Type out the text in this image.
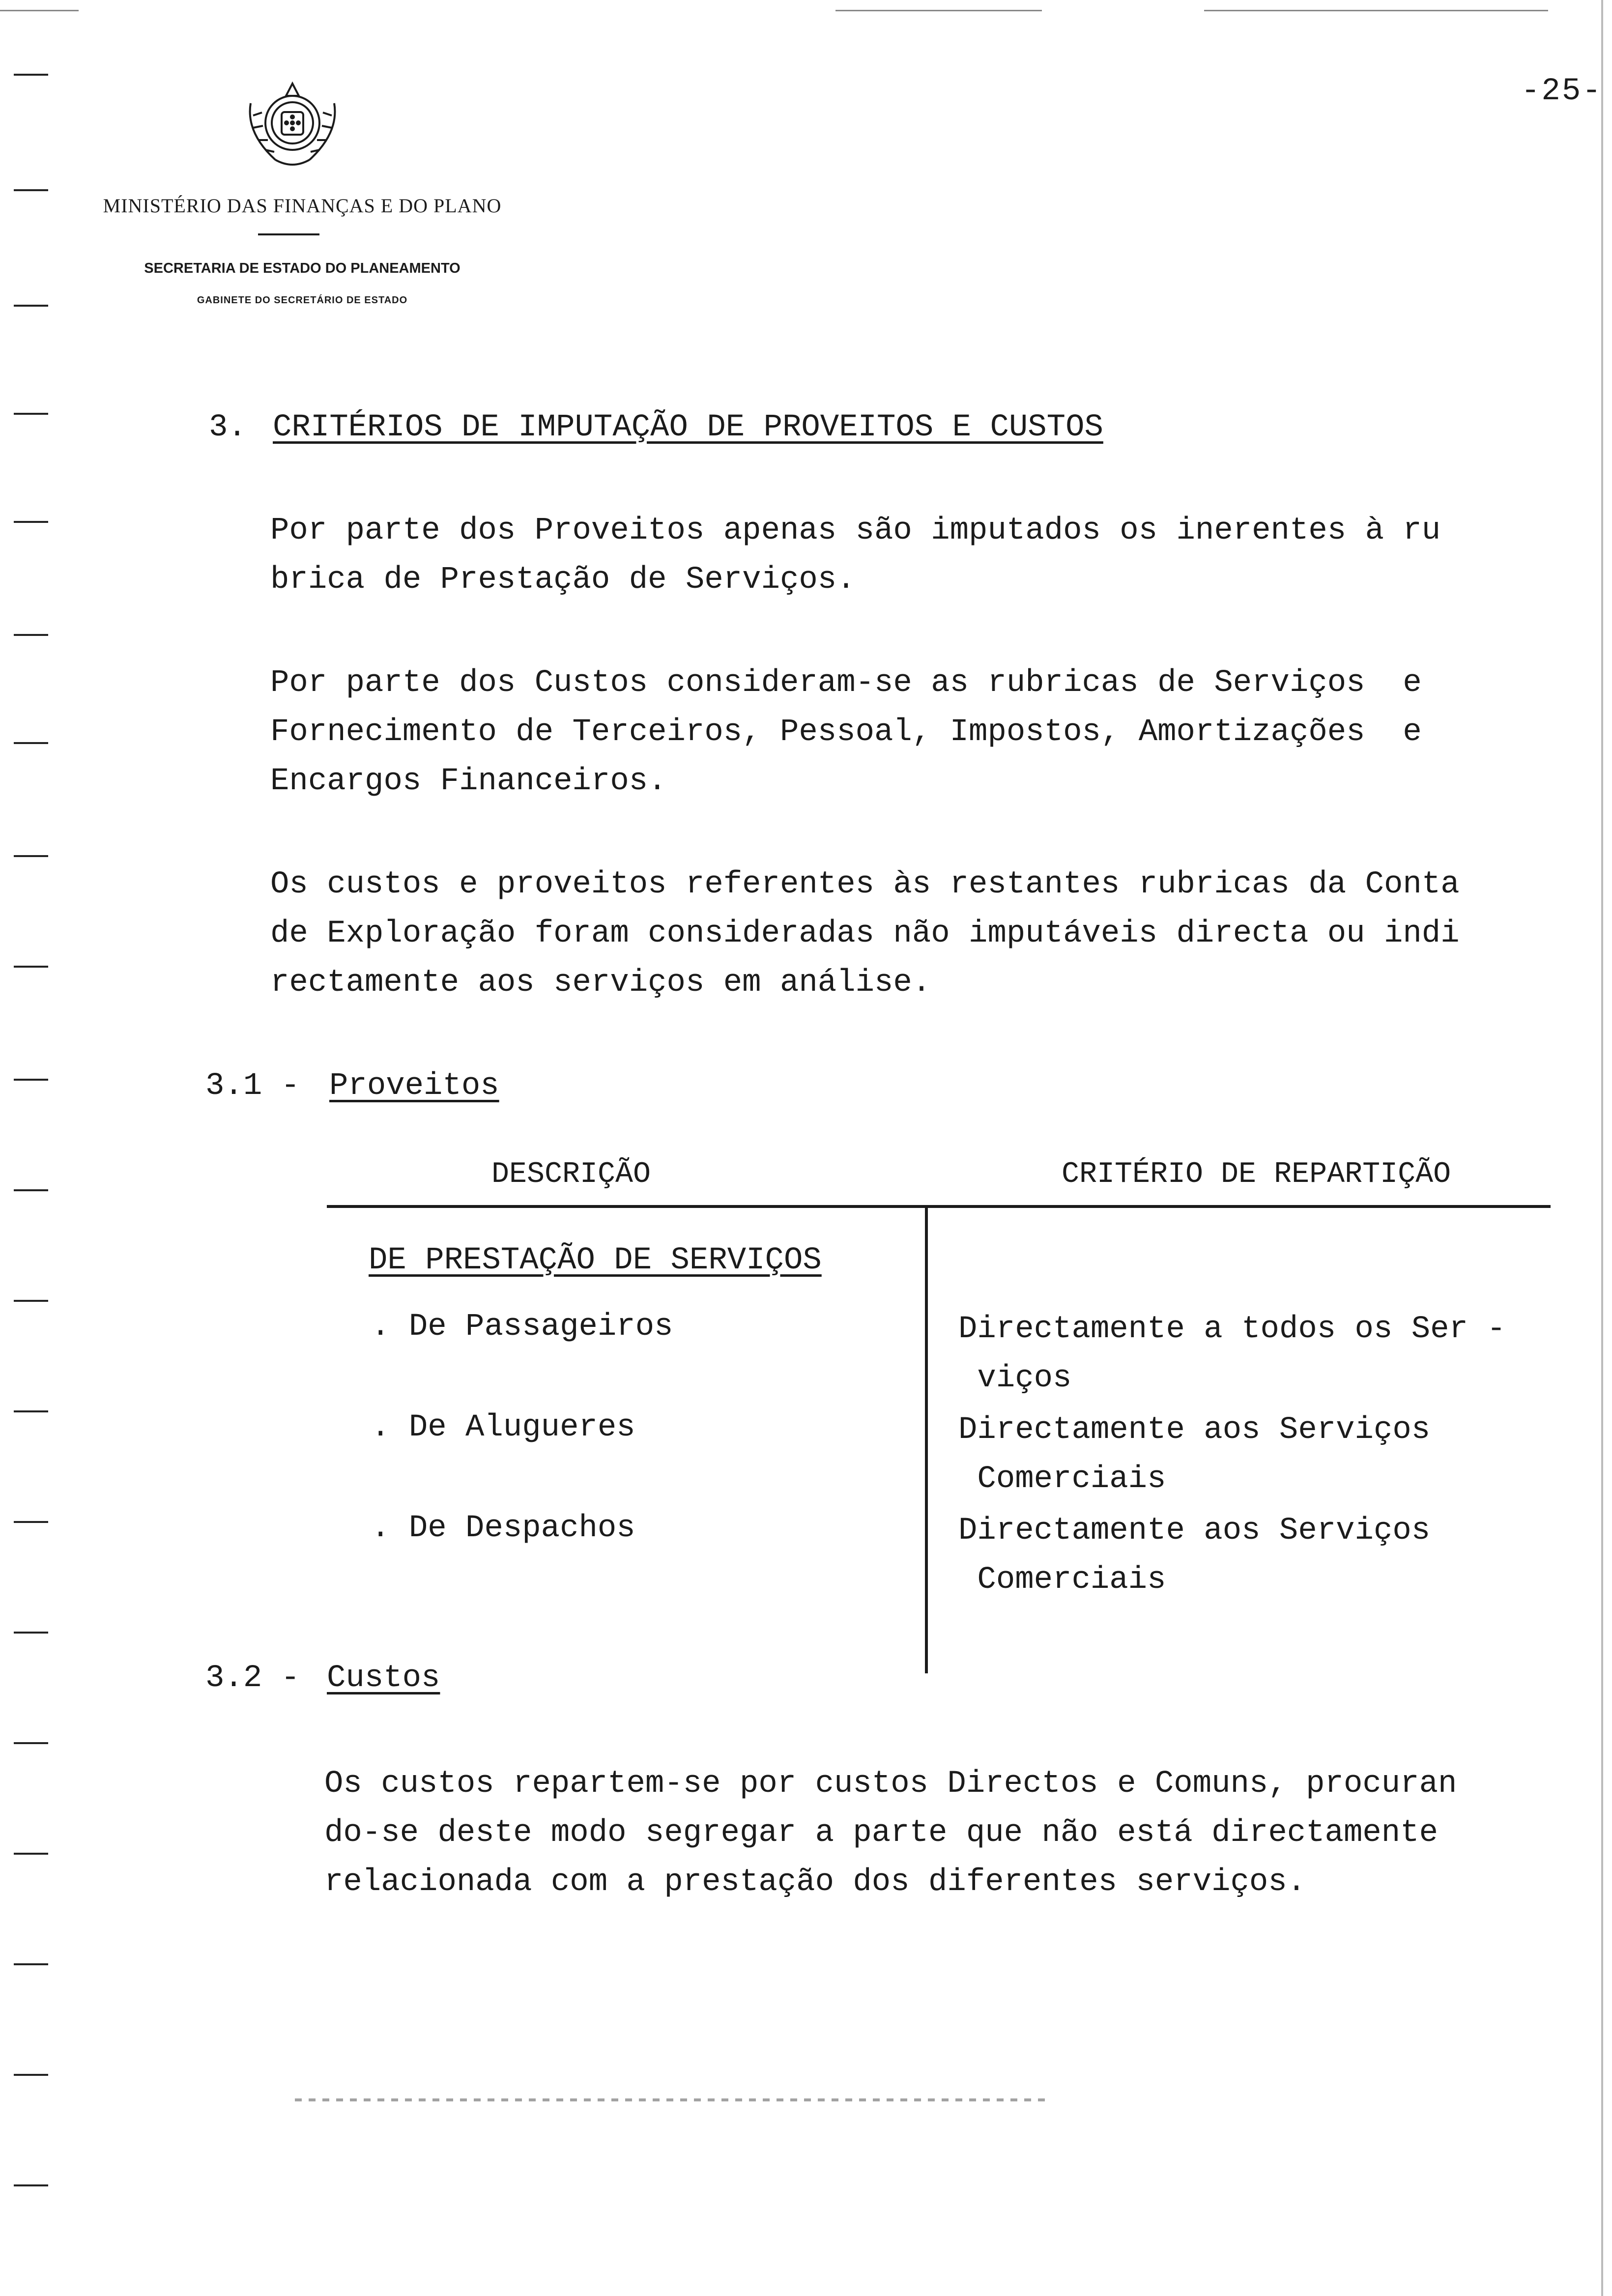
-25-
MINISTÉRIO DAS FINANÇAS E DO PLANO
SECRETARIA DE ESTADO DO PLANEAMENTO
GABINETE DO SECRETÁRIO DE ESTADO
3. CRITÉRIOS DE IMPUTAÇÃO DE PROVEITOS E CUSTOS
Por parte dos Proveitos apenas são imputados os inerentes à ru
brica de Prestação de Serviços.
Por parte dos Custos consideram-se as rubricas de Serviços  e
Fornecimento de Terceiros, Pessoal, Impostos, Amortizações  e
Encargos Financeiros.
Os custos e proveitos referentes às restantes rubricas da Conta
de Exploração foram consideradas não imputáveis directa ou indi
rectamente aos serviços em análise.
3.1 - Proveitos
DESCRIÇÃO	CRITÉRIO DE REPARTIÇÃO
DE PRESTAÇÃO DE SERVIÇOS
. De Passageiros	Directamente a todos os Ser -
viços
. De Alugueres	Directamente aos Serviços
Comerciais
. De Despachos	Directamente aos Serviços
Comerciais
3.2 - Custos
Os custos repartem-se por custos Directos e Comuns, procuran
do-se deste modo segregar a parte que não está directamente
relacionada com a prestação dos diferentes serviços.
